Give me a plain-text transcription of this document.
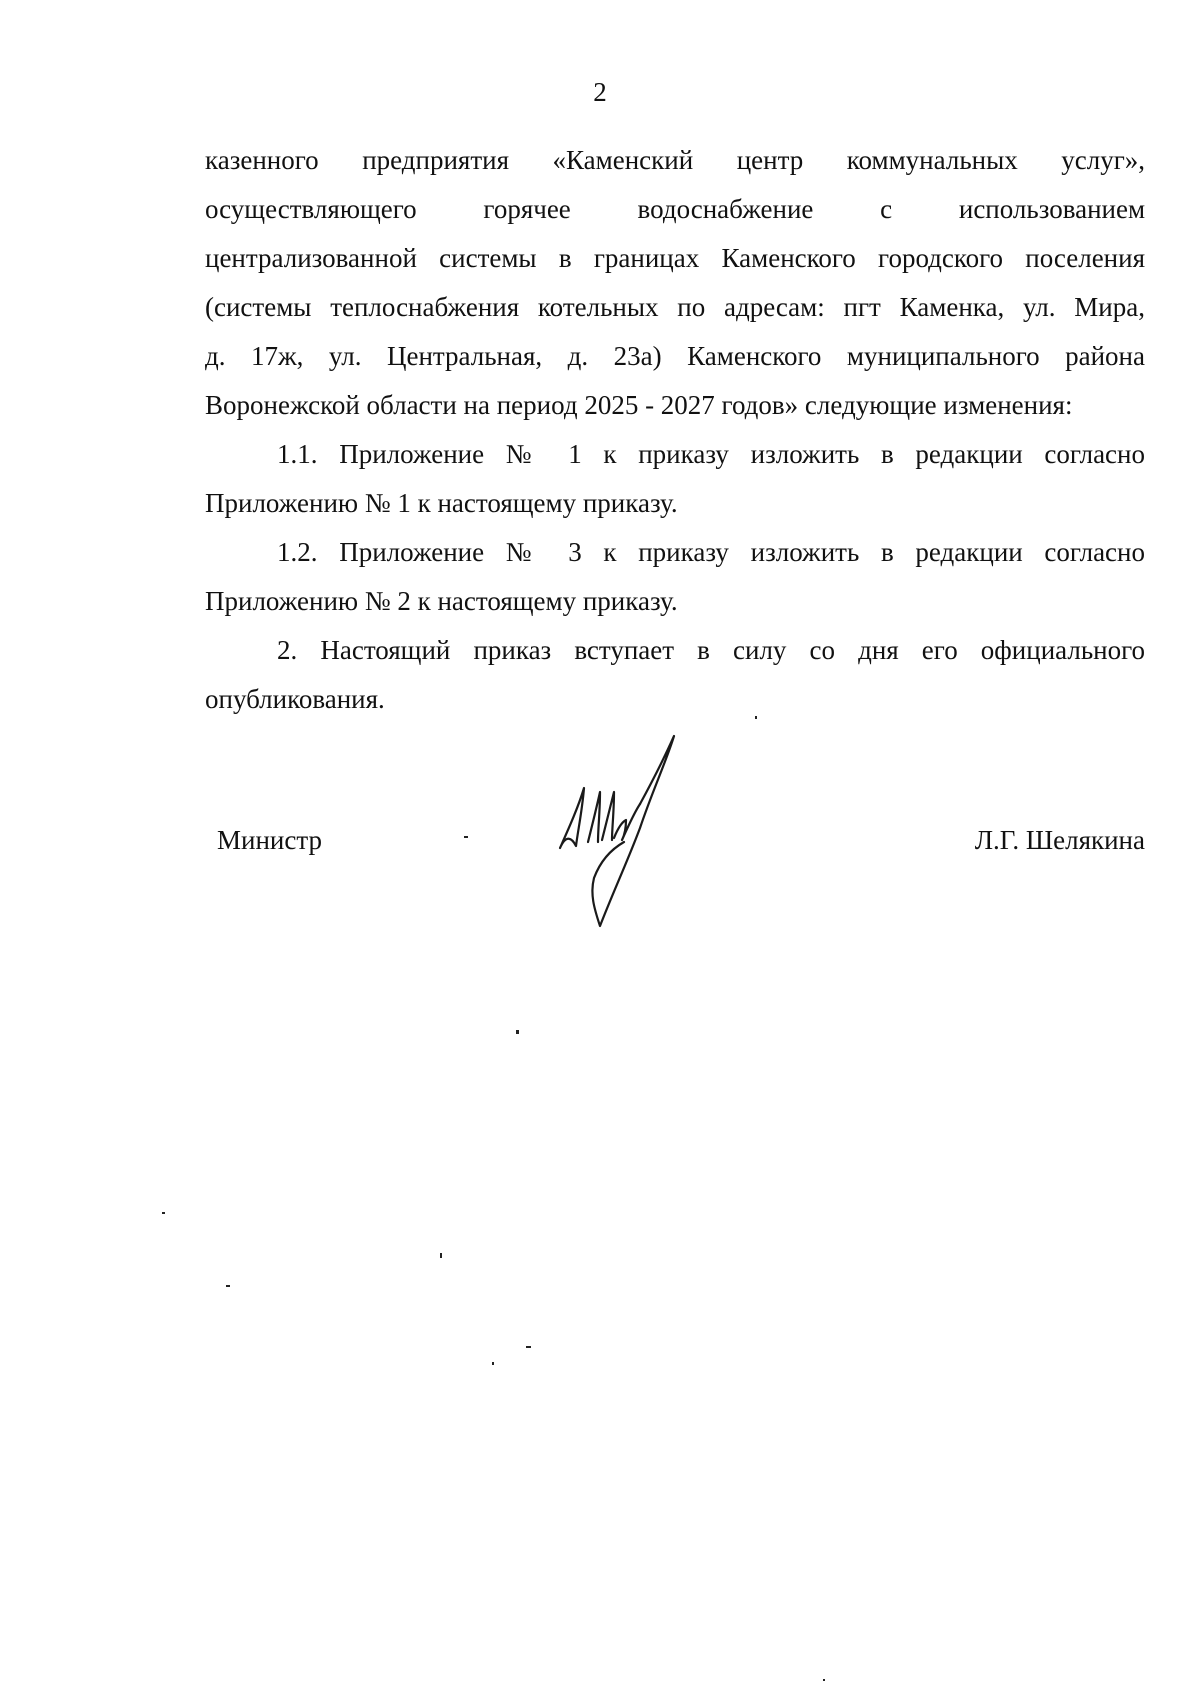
2
казенного предприятия «Каменский центр коммунальных услуг»,
осуществляющего горячее водоснабжение с использованием
централизованной системы в границах Каменского городского поселения
(системы теплоснабжения котельных по адресам: пгт Каменка, ул. Мира,
д. 17ж, ул. Центральная, д. 23а) Каменского муниципального района
Воронежской области на период 2025 - 2027 годов» следующие изменения:
1.1. Приложение № 1 к приказу изложить в редакции согласно
Приложению № 1 к настоящему приказу.
1.2. Приложение № 3 к приказу изложить в редакции согласно
Приложению № 2 к настоящему приказу.
2. Настоящий приказ вступает в силу со дня его официального
опубликования.
Министр	Л.Г. Шелякина
